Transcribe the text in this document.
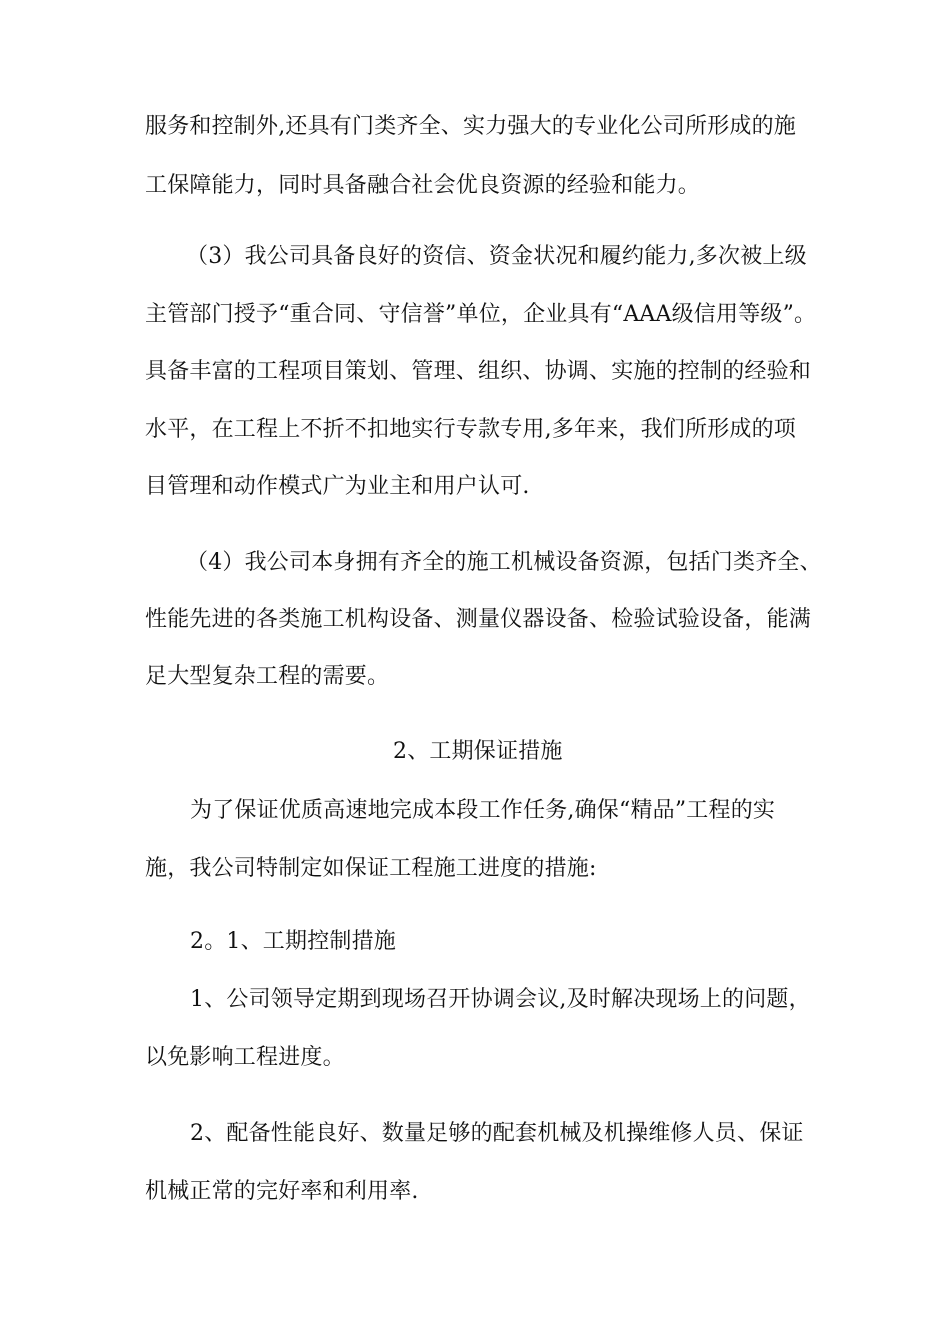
服务和控制外,还具有门类齐全、实力强大的专业化公司所形成的施
工保障能力，同时具备融合社会优良资源的经验和能力。
（3）我公司具备良好的资信、资金状况和履约能力,多次被上级
主管部门授予“重合同、守信誉”单位，企业具有“AAA级信用等级”。
具备丰富的工程项目策划、管理、组织、协调、实施的控制的经验和
水平，在工程上不折不扣地实行专款专用,多年来，我们所形成的项
目管理和动作模式广为业主和用户认可.
（4）我公司本身拥有齐全的施工机械设备资源，包括门类齐全、
性能先进的各类施工机构设备、测量仪器设备、检验试验设备，能满
足大型复杂工程的需要。
2、工期保证措施
为了保证优质高速地完成本段工作任务,确保“精品”工程的实
施，我公司特制定如保证工程施工进度的措施:
2。1、工期控制措施
1、公司领导定期到现场召开协调会议,及时解决现场上的问题，
以免影响工程进度。
2、配备性能良好、数量足够的配套机械及机操维修人员、保证
机械正常的完好率和利用率.
